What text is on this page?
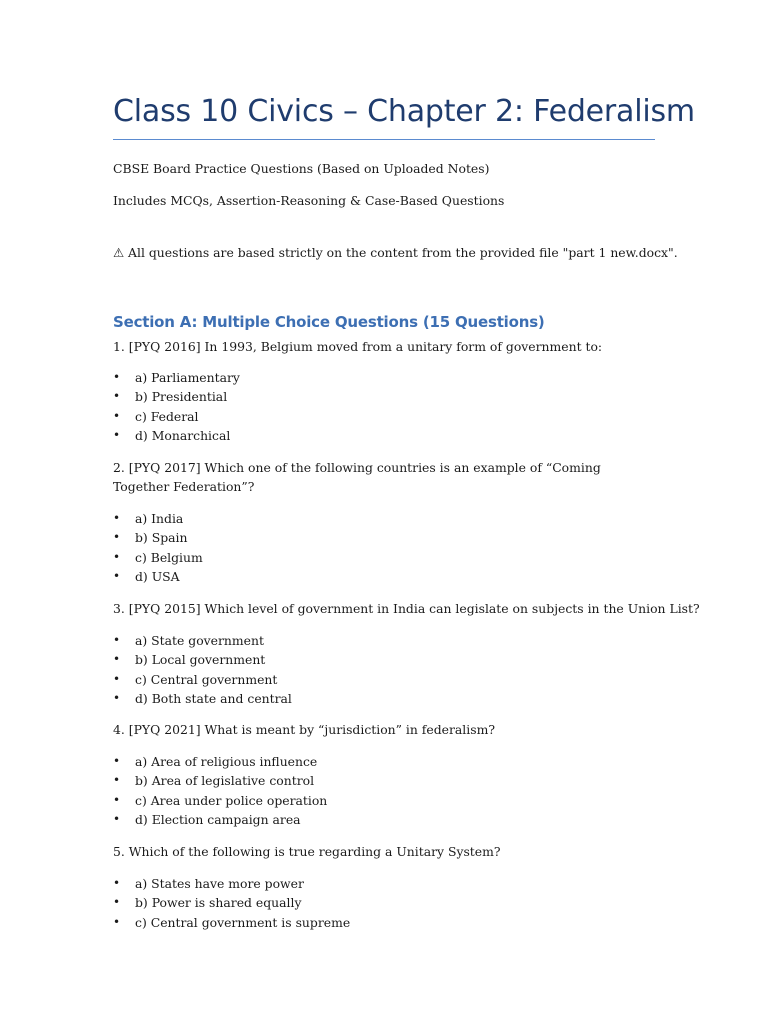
Class 10 Civics – Chapter 2: Federalism
CBSE Board Practice Questions (Based on Uploaded Notes)
Includes MCQs, Assertion-Reasoning & Case-Based Questions
⚠ All questions are based strictly on the content from the provided file "part 1 new.docx".
Section A: Multiple Choice Questions (15 Questions)
1. [PYQ 2016] In 1993, Belgium moved from a unitary form of government to:
• a) Parliamentary
• b) Presidential
• c) Federal
• d) Monarchical
2. [PYQ 2017] Which one of the following countries is an example of “Coming Together Federation”?
• a) India
• b) Spain
• c) Belgium
• d) USA
3. [PYQ 2015] Which level of government in India can legislate on subjects in the Union List?
• a) State government
• b) Local government
• c) Central government
• d) Both state and central
4. [PYQ 2021] What is meant by “jurisdiction” in federalism?
• a) Area of religious influence
• b) Area of legislative control
• c) Area under police operation
• d) Election campaign area
5. Which of the following is true regarding a Unitary System?
• a) States have more power
• b) Power is shared equally
• c) Central government is supreme
